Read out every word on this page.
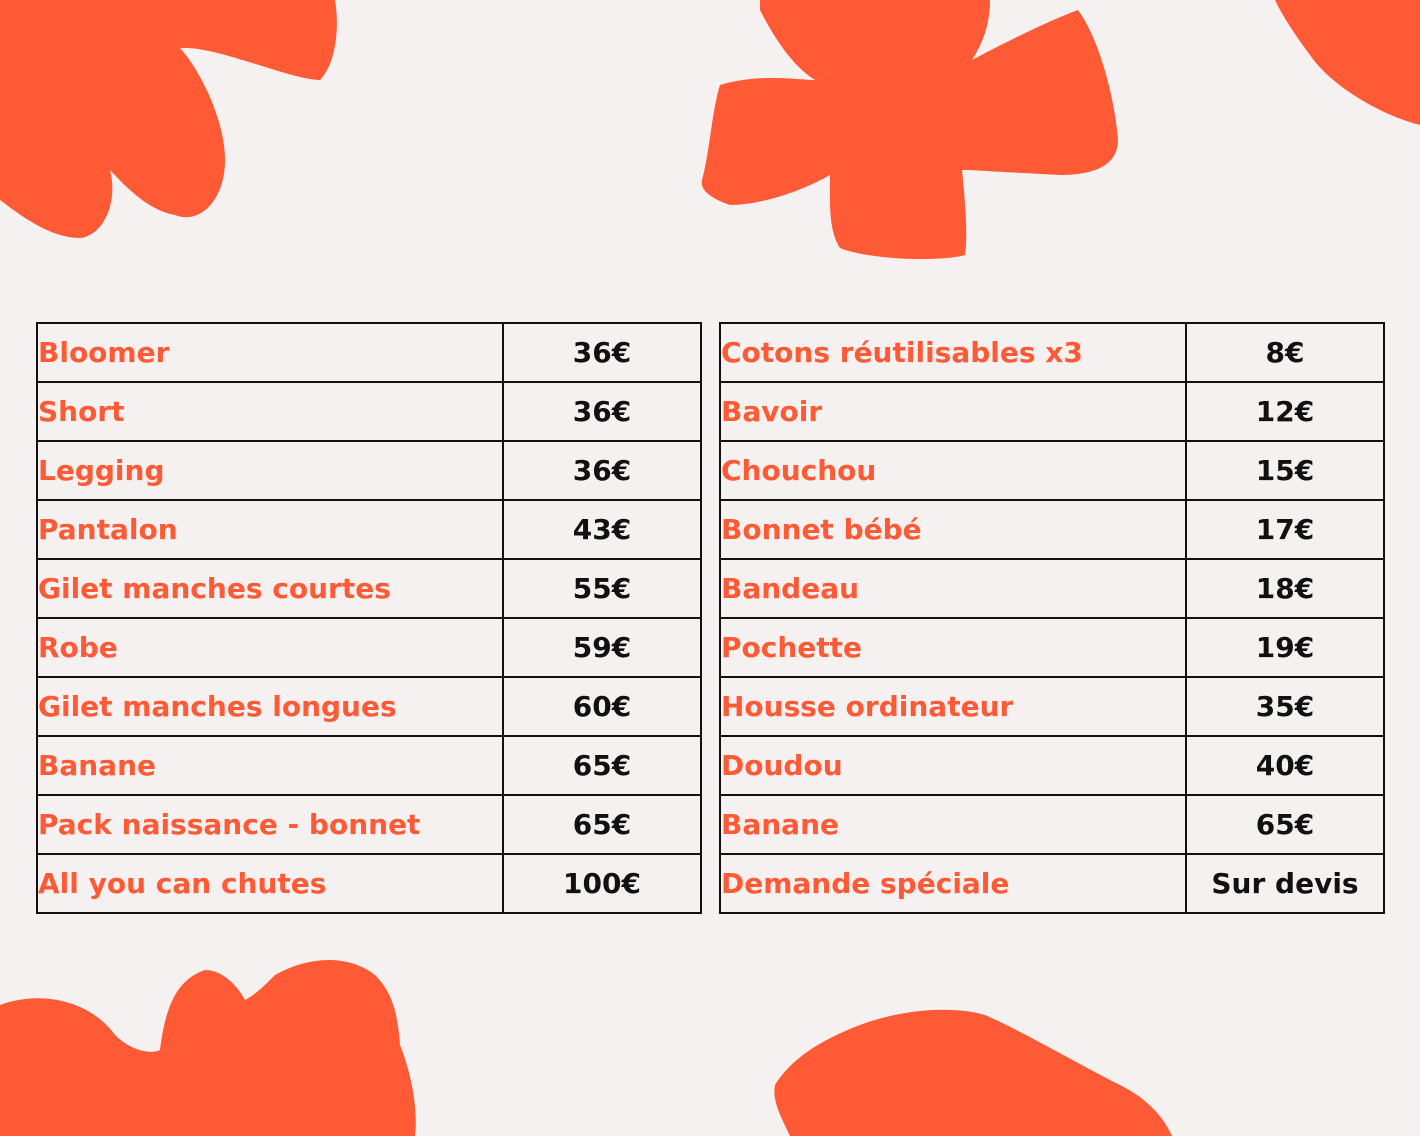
Bloomer	36€
Short	36€
Legging	36€
Pantalon	43€
Gilet manches courtes	55€
Robe	59€
Gilet manches longues	60€
Banane	65€
Pack naissance - bonnet	65€
All you can chutes	100€
Cotons réutilisables x3	8€
Bavoir	12€
Chouchou	15€
Bonnet bébé	17€
Bandeau	18€
Pochette	19€
Housse ordinateur	35€
Doudou	40€
Banane	65€
Demande spéciale	Sur devis
